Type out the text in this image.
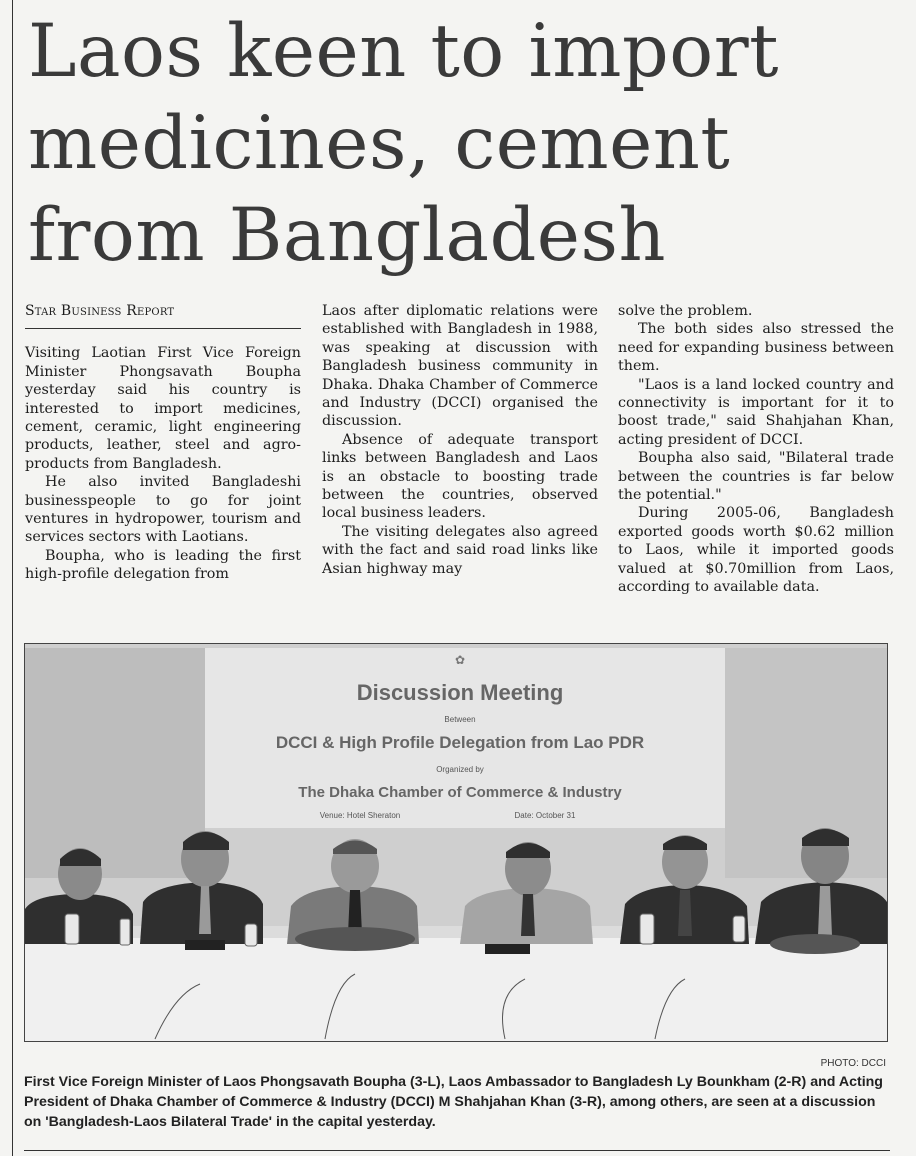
Laos keen to import medicines, cement from Bangladesh
Star Business Report

Visiting Laotian First Vice Foreign Minister Phongsavath Boupha yesterday said his country is interested to import medicines, cement, ceramic, light engineering products, leather, steel and agro-products from Bangladesh.

He also invited Bangladeshi businesspeople to go for joint ventures in hydropower, tourism and services sectors with Laotians.

Boupha, who is leading the first high-profile delegation from

Laos after diplomatic relations were established with Bangladesh in 1988, was speaking at discussion with Bangladesh business community in Dhaka. Dhaka Chamber of Commerce and Industry (DCCI) organised the discussion.

Absence of adequate transport links between Bangladesh and Laos is an obstacle to boosting trade between the countries, observed local business leaders.

The visiting delegates also agreed with the fact and said road links like Asian highway may

solve the problem.

The both sides also stressed the need for expanding business between them.

"Laos is a land locked country and connectivity is important for it to boost trade," said Shahjahan Khan, acting president of DCCI.

Boupha also said, "Bilateral trade between the countries is far below the potential."

During 2005-06, Bangladesh exported goods worth $0.62 million to Laos, while it imported goods valued at $0.70million from Laos, according to available data.

✿
Discussion Meeting
Between
DCCI & High Profile Delegation from Lao PDR
Organized by
The Dhaka Chamber of Commerce & Industry
Venue: Hotel Sheraton	Date: October 31
PHOTO: DCCI

First Vice Foreign Minister of Laos Phongsavath Boupha (3-L), Laos Ambassador to Bangladesh Ly Bounkham (2-R) and Acting President of Dhaka Chamber of Commerce & Industry (DCCI) M Shahjahan Khan (3-R), among others, are seen at a discussion on 'Bangladesh-Laos Bilateral Trade' in the capital yesterday.
